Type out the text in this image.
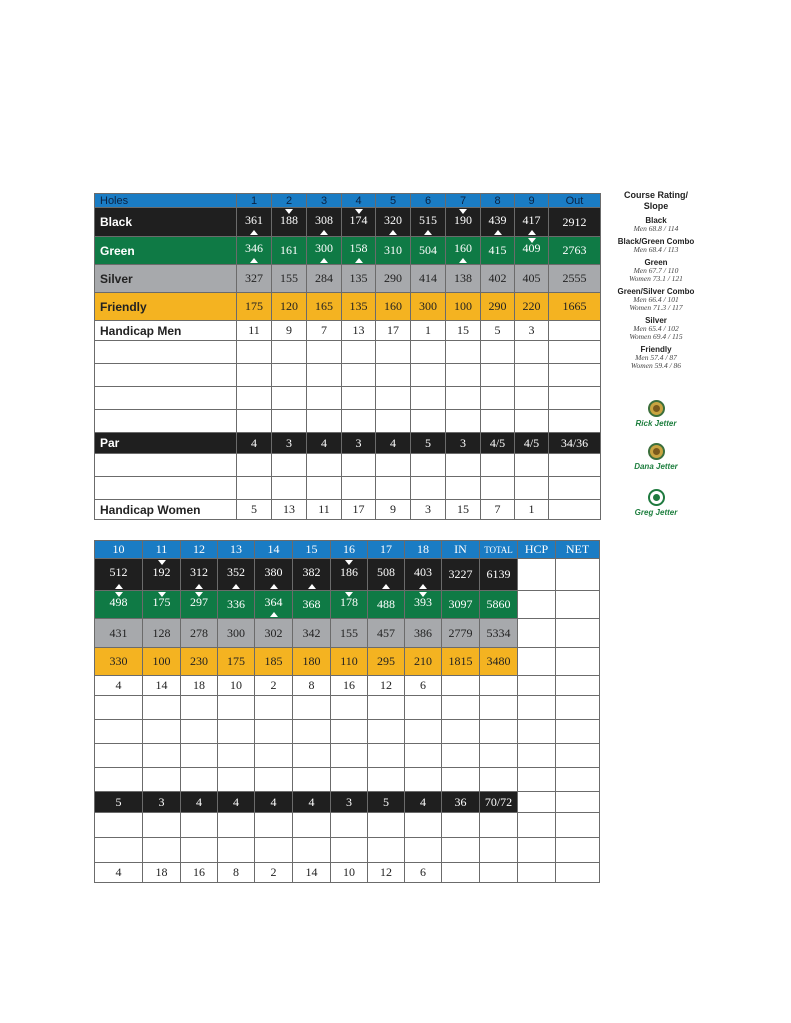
Holes	1	2	3	4	5	6	7	8	9	Out
Black	361	188	308	174	320	515	190	439	417	2912
Green	346	161	300	158	310	504	160	415	409	2763
Silver	327	155	284	135	290	414	138	402	405	2555
Friendly	175	120	165	135	160	300	100	290	220	1665
Handicap Men	11	9	7	13	17	1	15	5	3	

Par	4	3	4	3	4	5	3	4/5	4/5	34/36

Handicap Women	5	13	11	17	9	3	15	7	1	
10	11	12	13	14	15	16	17	18	IN	TOTAL	HCP	NET
512	192	312	352	380	382	186	508	403	3227	6139		
498	175	297	336	364	368	178	488	393	3097	5860		
431	128	278	300	302	342	155	457	386	2779	5334		
330	100	230	175	185	180	110	295	210	1815	3480		
4	14	18	10	2	8	16	12	6				

5	3	4	4	4	4	3	5	4	36	70/72		

4	18	16	8	2	14	10	12	6				
Course Rating/
Slope
Black
Men 68.8 / 114
Black/Green Combo
Men 68.4 / 113
Green
Men 67.7 / 110
Women 73.1 / 121
Green/Silver Combo
Men 66.4 / 101
Women 71.3 / 117
Silver
Men 65.4 / 102
Women 69.4 / 115
Friendly
Men 57.4 / 87
Women 59.4 / 86
Rick Jetter
Dana Jetter
Greg Jetter
